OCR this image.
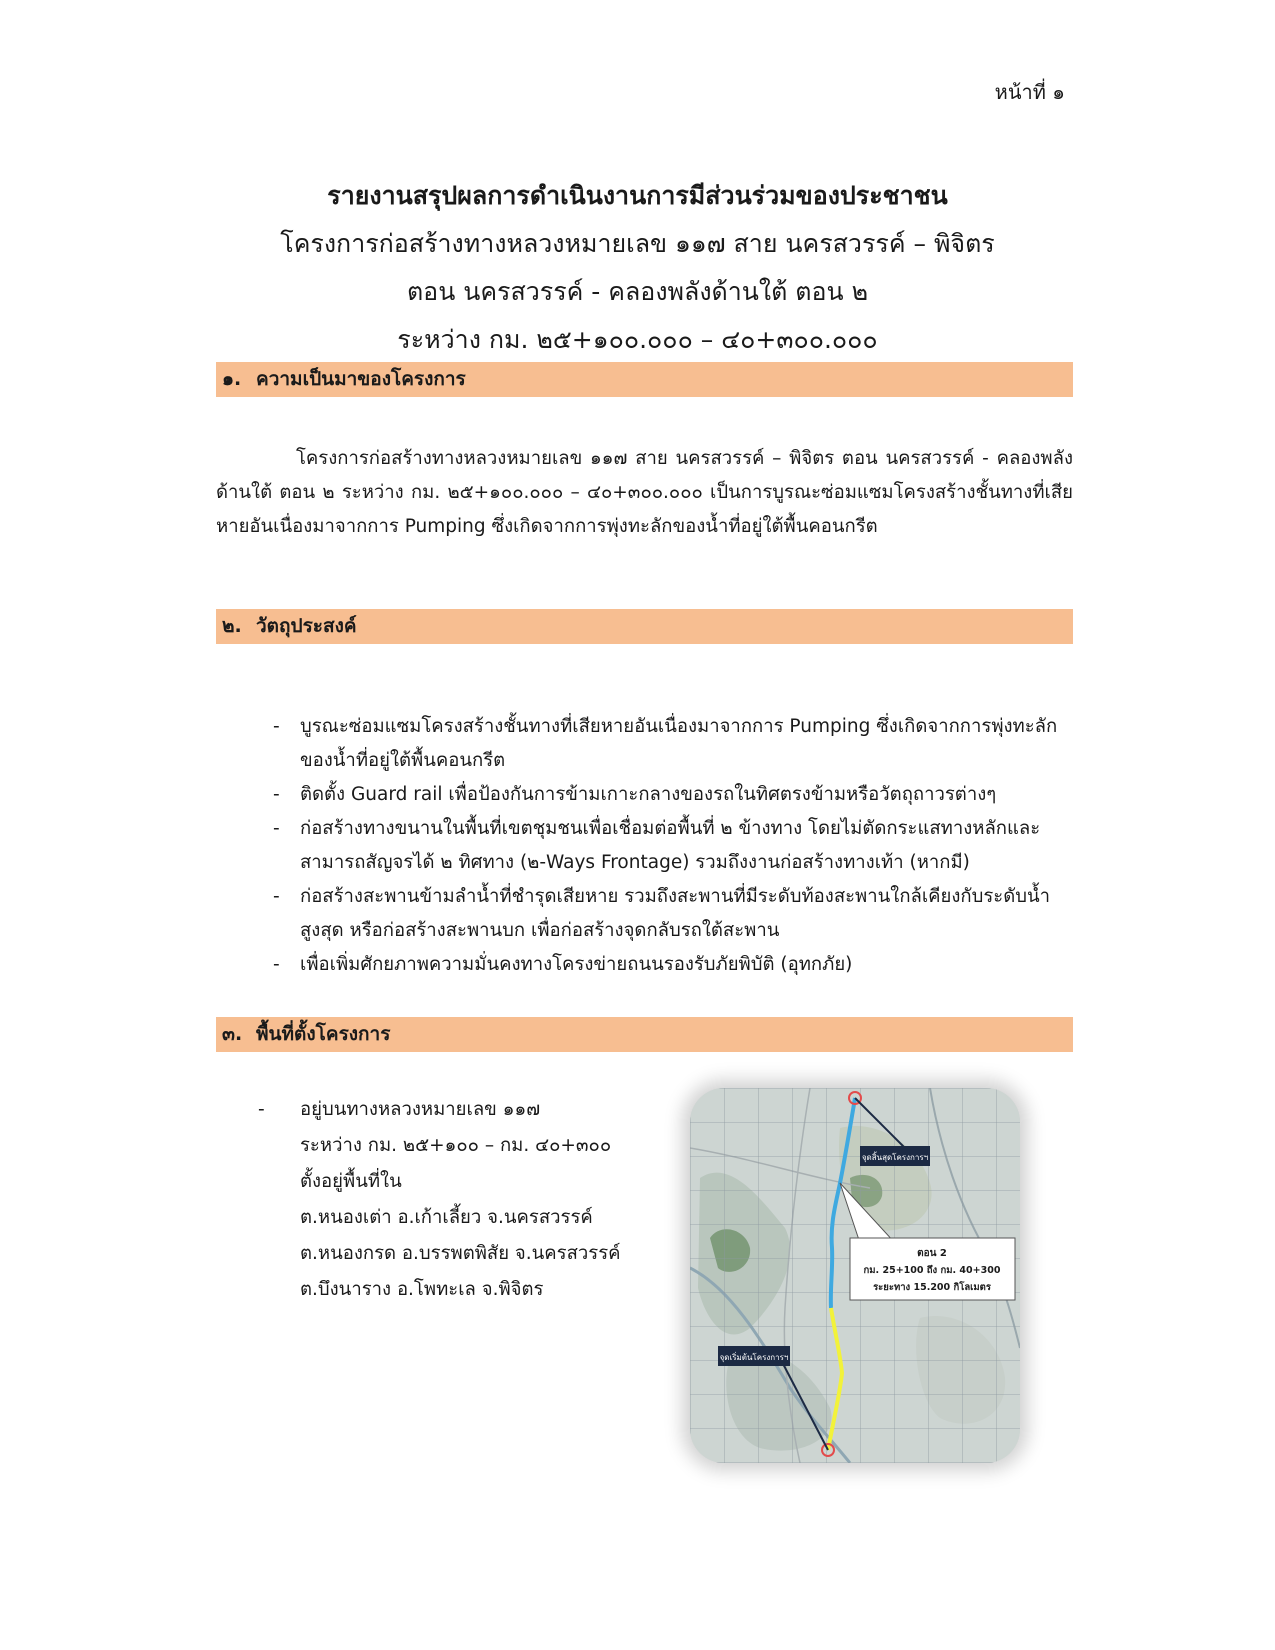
หน้าที่ ๑
รายงานสรุปผลการดำเนินงานการมีส่วนร่วมของประชาชน
โครงการก่อสร้างทางหลวงหมายเลข ๑๑๗ สาย นครสวรรค์ – พิจิตร
ตอน นครสวรรค์ - คลองพลังด้านใต้ ตอน ๒
ระหว่าง กม. ๒๕+๑๐๐.๐๐๐ – ๔๐+๓๐๐.๐๐๐
๑. ความเป็นมาของโครงการ

โครงการก่อสร้างทางหลวงหมายเลข ๑๑๗ สาย นครสวรรค์ – พิจิตร ตอน นครสวรรค์ - คลองพลังด้านใต้ ตอน ๒ ระหว่าง กม. ๒๕+๑๐๐.๐๐๐ – ๔๐+๓๐๐.๐๐๐ เป็นการบูรณะซ่อมแซมโครงสร้างชั้นทางที่เสียหายอันเนื่องมาจากการ Pumping ซึ่งเกิดจากการพุ่งทะลักของน้ำที่อยู่ใต้พื้นคอนกรีต

๒. วัตถุประสงค์
- บูรณะซ่อมแซมโครงสร้างชั้นทางที่เสียหายอันเนื่องมาจากการ Pumping ซึ่งเกิดจากการพุ่งทะลักของน้ำที่อยู่ใต้พื้นคอนกรีต
- ติดตั้ง Guard rail เพื่อป้องกันการข้ามเกาะกลางของรถในทิศตรงข้ามหรือวัตถุถาวรต่างๆ
- ก่อสร้างทางขนานในพื้นที่เขตชุมชนเพื่อเชื่อมต่อพื้นที่ ๒ ข้างทาง โดยไม่ตัดกระแสทางหลักและสามารถสัญจรได้ ๒ ทิศทาง (๒-Ways Frontage) รวมถึงงานก่อสร้างทางเท้า (หากมี)
- ก่อสร้างสะพานข้ามลำน้ำที่ชำรุดเสียหาย รวมถึงสะพานที่มีระดับท้องสะพานใกล้เคียงกับระดับน้ำสูงสุด หรือก่อสร้างสะพานบก เพื่อก่อสร้างจุดกลับรถใต้สะพาน
- เพื่อเพิ่มศักยภาพความมั่นคงทางโครงข่ายถนนรองรับภัยพิบัติ (อุทกภัย)
๓. พื้นที่ตั้งโครงการ
- อยู่บนทางหลวงหมายเลข ๑๑๗
ระหว่าง กม. ๒๕+๑๐๐ – กม. ๔๐+๓๐๐
ตั้งอยู่พื้นที่ใน
ต.หนองเต่า อ.เก้าเลี้ยว จ.นครสวรรค์
ต.หนองกรด อ.บรรพตพิสัย จ.นครสวรรค์
ต.บึงนาราง อ.โพทะเล จ.พิจิตร
จุดสิ้นสุดโครงการฯ
จุดเริ่มต้นโครงการฯ
ตอน 2
กม. 25+100 ถึง กม. 40+300
ระยะทาง 15.200 กิโลเมตร
